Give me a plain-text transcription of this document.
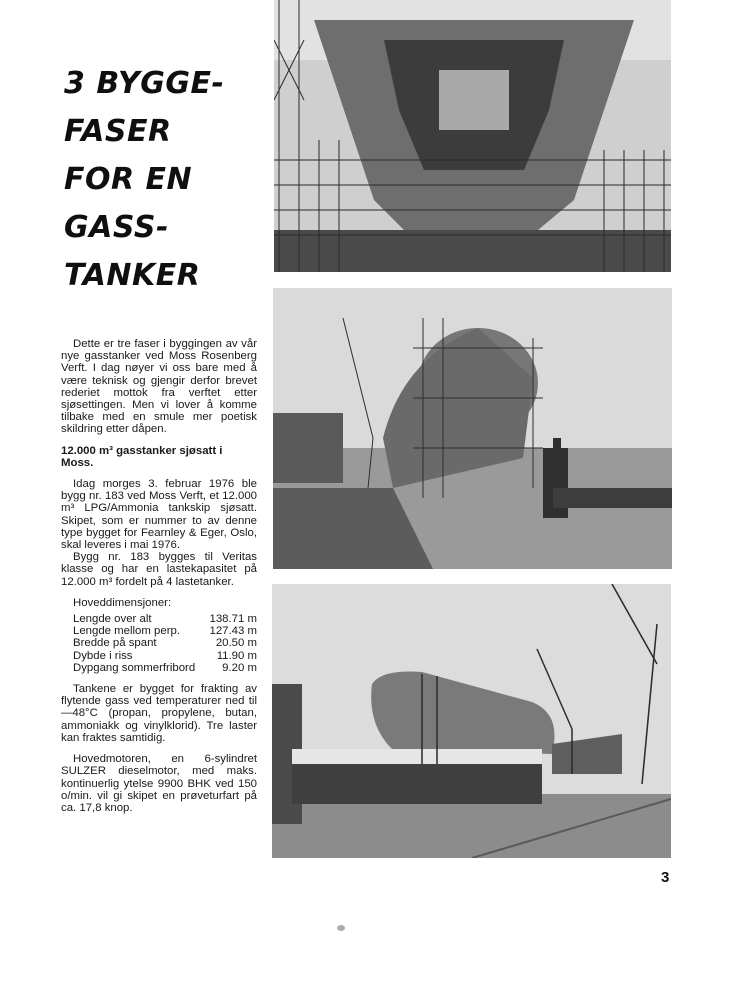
3 BYGGE-
FASER
FOR EN
GASS-
TANKER

Dette er tre faser i byggingen av vår nye gasstanker ved Moss Rosenberg Verft. I dag nøyer vi oss bare med å være teknisk og gjengir derfor brevet rederiet mottok fra verftet etter sjøsettingen. Men vi lover å komme tilbake med en smule mer poetisk skildring etter dåpen.

12.000 m³ gasstanker sjøsatt i Moss.

Idag morges 3. februar 1976 ble bygg nr. 183 ved Moss Verft, et 12.000 m³ LPG/Ammonia tankskip sjøsatt. Skipet, som er nummer to av denne type bygget for Fearnley & Eger, Oslo, skal leveres i mai 1976.

Bygg nr. 183 bygges til Veritas klasse og har en lastekapasitet på 12.000 m³ fordelt på 4 lastetanker.

Hoveddimensjoner:

Lengde over alt	138.71 m
Lengde mellom perp.	127.43 m
Bredde på spant	20.50 m
Dybde i riss	11.90 m
Dypgang sommerfribord 9.20 m

Tankene er bygget for frakting av flytende gass ved temperaturer ned til —48°C (propan, propylene, butan, ammoniakk og vinylklorid). Tre laster kan fraktes samtidig.

Hovedmotoren, en 6-sylindret SULZER dieselmotor, med maks. kontinuerlig ytelse 9900 BHK ved 150 o/min. vil gi skipet en prøveturfart på ca. 17,8 knop.

3
